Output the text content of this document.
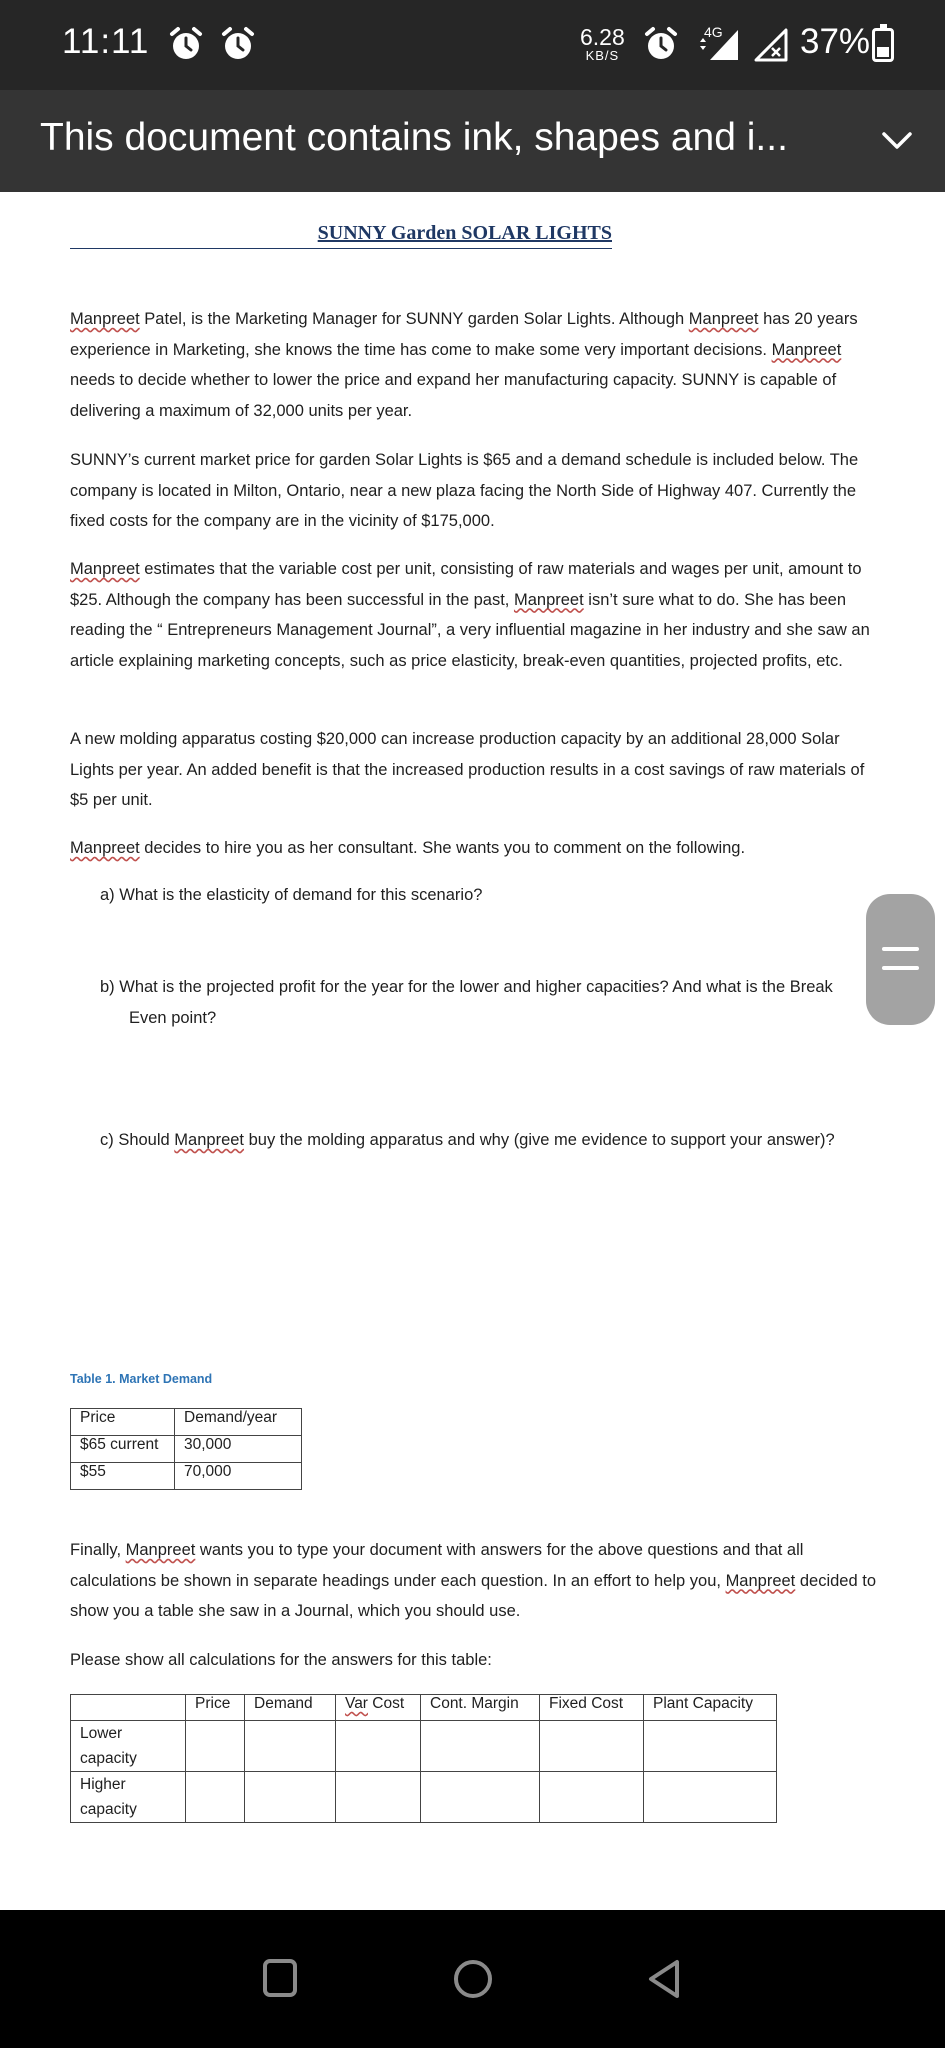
11:11	6.28
KB/S
4G 37%
This document contains ink, shapes and i...
SUNNY Garden SOLAR LIGHTS
Manpreet Patel, is the Marketing Manager for SUNNY garden Solar Lights. Although Manpreet has 20 years experience in Marketing, she knows the time has come to make some very important decisions. Manpreet needs to decide whether to lower the price and expand her manufacturing capacity. SUNNY is capable of delivering a maximum of 32,000 units per year.
SUNNY’s current market price for garden Solar Lights is $65 and a demand schedule is included below. The company is located in Milton, Ontario, near a new plaza facing the North Side of Highway 407. Currently the fixed costs for the company are in the vicinity of $175,000.
Manpreet estimates that the variable cost per unit, consisting of raw materials and wages per unit, amount to $25. Although the company has been successful in the past, Manpreet isn’t sure what to do. She has been reading the “ Entrepreneurs Management Journal”, a very influential magazine in her industry and she saw an article explaining marketing concepts, such as price elasticity, break-even quantities, projected profits, etc.
A new molding apparatus costing $20,000 can increase production capacity by an additional 28,000 Solar Lights per year. An added benefit is that the increased production results in a cost savings of raw materials of $5 per unit.
Manpreet decides to hire you as her consultant. She wants you to comment on the following.
a) What is the elasticity of demand for this scenario?
b) What is the projected profit for the year for the lower and higher capacities? And what is the Break
Even point?
c) Should Manpreet buy the molding apparatus and why (give me evidence to support your answer)?
Table 1. Market Demand
Price	Demand/year
$65 current	30,000
$55	70,000
Finally, Manpreet wants you to type your document with answers for the above questions and that all calculations be shown in separate headings under each question. In an effort to help you, Manpreet decided to show you a table she saw in a Journal, which you should use.
Please show all calculations for the answers for this table:
	Price	Demand	Var Cost	Cont. Margin	Fixed Cost	Plant Capacity
Lower
capacity						
Higher
capacity						
